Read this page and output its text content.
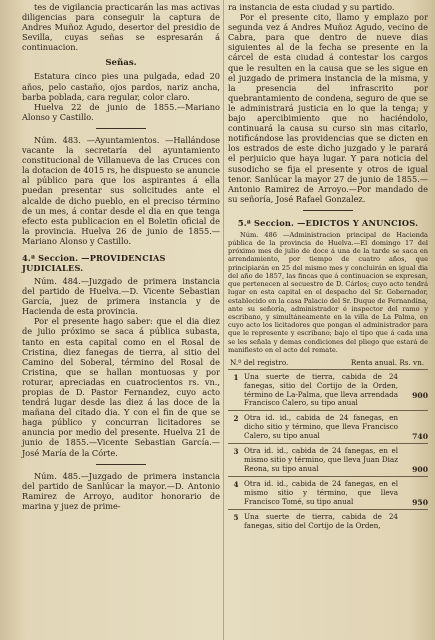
tes de vigilancia practicarán las mas activas diligencias para conseguir la captura de Andres Muñoz Agudo, desertor del presidio de Sevilla, cuyas señas se espresarán á continuacion.

Señas.

Estatura cinco pies una pulgada, edad 20 años, pelo castaño, ojos pardos, nariz ancha, barba poblada, cara regular, color claro.

Huelva 22 de junio de 1855.—Mariano Alonso y Castillo.

Núm. 483. —Ayuntamientos. —Hallándose vacante la secretaría del ayuntamiento constitucional de Villanueva de las Cruces con la dotacion de 4015 rs, he dispuesto se anuncie al público para que los aspirantes á ella puedan presentar sus solicitudes ante el alcalde de dicho pueblo, en el preciso término de un mes, á contar desde el dia en que tenga efecto esta publicacion en el Boletin oficial de la provincia. Huelva 26 de junio de 1855.—Mariano Alonso y Castillo.

4.ª Seccion. —PROVIDENCIAS JUDICIALES.

Núm. 484.—Juzgado de primera instancia del partido de Huelva.—D. Vicente Sebastian García, juez de primera instancia y de Hacienda de esta provincia.

Por el presente hago saber: que el dia diez de julio próximo se saca á pública subasta, tanto en esta capital como en el Rosal de Cristina, diez fanegas de tierra, al sitio del Camino del Soberal, término del Rosal de Cristina, que se hallan montuosas y por roturar, apreciadas en cuatrocientos rs. vn., propias de D. Pastor Fernandez, cuyo acto tendrá lugar desde las diez á las doce de la mañana del citado dia. Y con el fin de que se haga público y concurran licitadores se anuncia por medio del presente. Huelva 21 de junio de 1855.—Vicente Sebastian García.—José María de la Córte.

Núm. 485.—Juzgado de primera instancia del partido de Sanlúcar la mayor.—D. Antonio Ramirez de Arroyo, auditor honorario de marina y juez de prime-

ra instancia de esta ciudad y su partido.

Por el presente cito, llamo y emplazo por segunda vez á Andres Muñoz Agudo, vecino de Cabra, para que dentro de nueve dias siguientes al de la fecha se presente en la cárcel de esta ciudad á contestar los cargos que le resulten en la causa que se les sigue en el juzgado de primera instancia de la misma, y la presencia del infrascrito por quebrantamiento de condena, seguro de que se le administrará justicia en lo que la tenga; y bajo apercibimiento que no haciéndolo, continuará la causa su curso sin mas citarlo, notificándose las providencias que se dicten en los estrados de este dicho juzgado y le parará el perjuicio que haya lugar. Y para noticia del susodicho se fija el presente y otros de igual tenor. Sanlúcar la mayor 27 de junio de 1855.—Antonio Ramirez de Arroyo.—Por mandado de su señoría, José Rafael Gonzalez.

5.ª Seccion. —EDICTOS Y ANUNCIOS.

Núm. 486 —Administracion principal de Hacienda pública de la provincia de Huelva.—El domingo 17 del próximo mes de julio de doce á una de la tarde se saca en arrendamiento, por tiempo de cuatro años, que principiarán en 25 del mismo mes y concluirán en igual dia del año de 1857, las fincas que á continuacion se expresan, que pertenecen al secuestro de D. Cárlos; cuyo acto tendrá lugar en esta capital en el despacho del Sr. Gobernador, establecido en la casa Palacio del Sr. Duque de Fernandina, ante su señoría, administrador é inspector del ramo y escribano, y simultáneamente en la villa de La Palma, en cuyo acto los licitadores que pongan el administrador para que le represente y escribano; bajo el tipo que á cada una se les señala y demas condiciones del pliego que estará de manifiesto en el acto del remate.

N.º del registro.	Renta anual. Rs. vn.
1 Una suerte de tierra, cabida de 24 fanegas, sitio del Cortijo de la Orden, término de La-Palma, que lleva arrendada Francisco Calero, su tipo anual
900
2 Otra id. id., cabida de 24 fanegas, en dicho sitio y término, que lleva Francisco Calero, su tipo anual	740
3 Otra id. id., cabida de 24 fanegas, en el mismo sitio y término, que lleva Juan Diaz Reona, su tipo anual	900
4 Otra id. id., cabida de 24 fanegas, en el mismo sitio y término, que lleva Francisco Tomé, su tipo anual	950
5 Una suerte de tierra, cabida de 24 fanegas, sitio del Cortijo de la Orden,
